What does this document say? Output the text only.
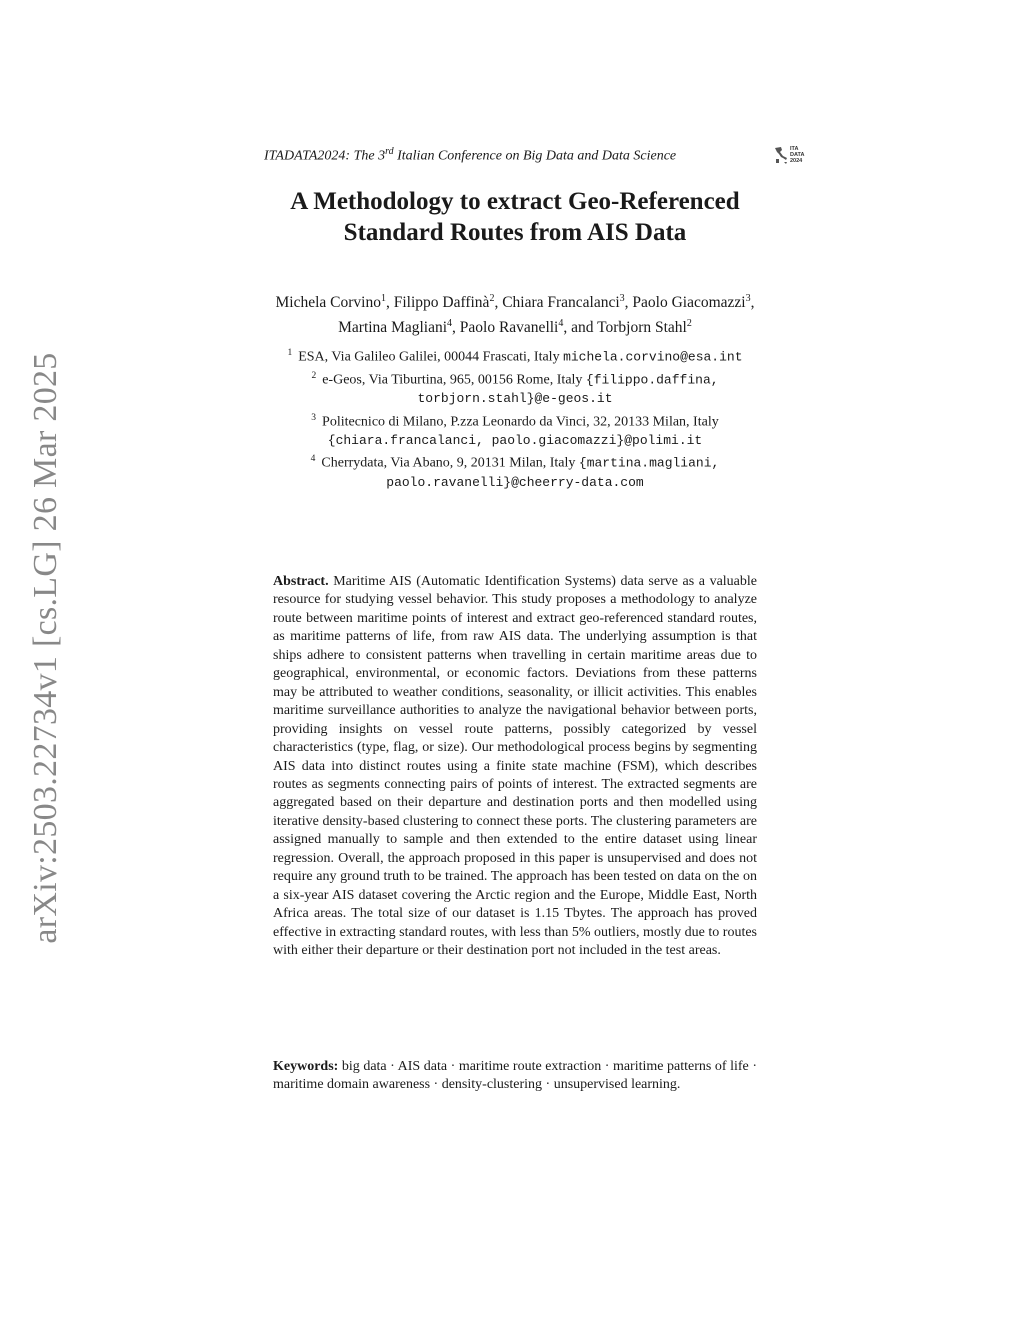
arXiv:2503.22734v1 [cs.LG] 26 Mar 2025
ITADATA2024: The 3rd Italian Conference on Big Data and Data Science	ITA DATA 2024
A Methodology to extract Geo-Referenced
Standard Routes from AIS Data
Michela Corvino$^1$, Filippo Daffinà$^2$, Chiara Francalanci$^3$, Paolo Giacomazzi$^3$,
Martina Magliani$^4$, Paolo Ravanelli$^4$, and Torbjorn Stahl$^2$
$^1$ ESA, Via Galileo Galilei, 00044 Frascati, Italy michela.corvino@esa.int
$^2$ e-Geos, Via Tiburtina, 965, 00156 Rome, Italy {filippo.daffina,
torbjorn.stahl}@e-geos.it
$^3$ Politecnico di Milano, P.zza Leonardo da Vinci, 32, 20133 Milan, Italy
{chiara.francalanci, paolo.giacomazzi}@polimi.it
$^4$ Cherrydata, Via Abano, 9, 20131 Milan, Italy {martina.magliani,
paolo.ravanelli}@cheerry-data.com
Abstract. Maritime AIS (Automatic Identification Systems) data serve as a valuable resource for studying vessel behavior. This study proposes a methodology to analyze route between maritime points of interest and extract geo-referenced standard routes, as maritime patterns of life, from raw AIS data. The underlying assumption is that ships adhere to consistent patterns when travelling in certain maritime areas due to geographical, environmental, or economic factors. Deviations from these patterns may be attributed to weather conditions, seasonality, or illicit activities. This enables maritime surveillance authorities to analyze the navigational behavior between ports, providing insights on vessel route patterns, possibly categorized by vessel characteristics (type, flag, or size). Our methodological process begins by segmenting AIS data into distinct routes using a finite state machine (FSM), which describes routes as segments connecting pairs of points of interest. The extracted segments are aggregated based on their departure and destination ports and then modelled using iterative density-based clustering to connect these ports. The clustering parameters are assigned manually to sample and then extended to the entire dataset using linear regression. Overall, the approach proposed in this paper is unsupervised and does not require any ground truth to be trained. The approach has been tested on data on the on a six-year AIS dataset covering the Arctic region and the Europe, Middle East, North Africa areas. The total size of our dataset is 1.15 Tbytes. The approach has proved effective in extracting standard routes, with less than 5% outliers, mostly due to routes with either their departure or their destination port not included in the test areas.
Keywords: big data · AIS data · maritime route extraction · maritime patterns of life · maritime domain awareness · density-clustering · unsupervised learning.
